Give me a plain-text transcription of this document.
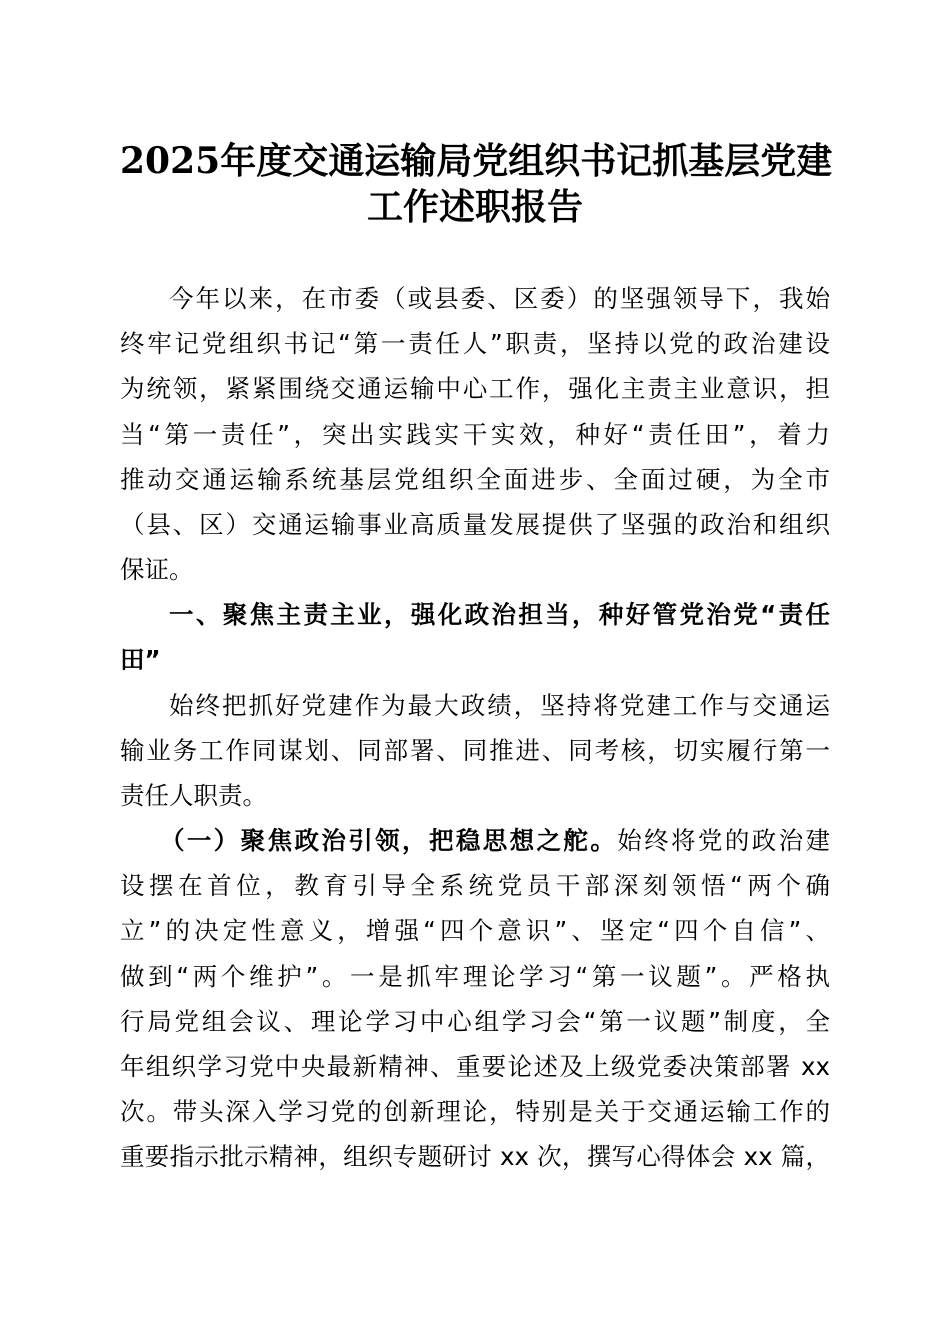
2025年度交通运输局党组织书记抓基层党建
工作述职报告
今年以来，在市委（或县委、区委）的坚强领导下，我始
终牢记党组织书记“第一责任人”职责，坚持以党的政治建设
为统领，紧紧围绕交通运输中心工作，强化主责主业意识，担
当“第一责任”，突出实践实干实效，种好“责任田”，着力
推动交通运输系统基层党组织全面进步、全面过硬，为全市
（县、区）交通运输事业高质量发展提供了坚强的政治和组织
保证。
一、聚焦主责主业，强化政治担当，种好管党治党“责任
田”
始终把抓好党建作为最大政绩，坚持将党建工作与交通运
输业务工作同谋划、同部署、同推进、同考核，切实履行第一
责任人职责。
（一）聚焦政治引领，把稳思想之舵。始终将党的政治建
设摆在首位，教育引导全系统党员干部深刻领悟“两个确
立”的决定性意义，增强“四个意识”、坚定“四个自信”、
做到“两个维护”。一是抓牢理论学习“第一议题”。严格执
行局党组会议、理论学习中心组学习会“第一议题”制度，全
年组织学习党中央最新精神、重要论述及上级党委决策部署 xx
次。带头深入学习党的创新理论，特别是关于交通运输工作的
重要指示批示精神，组织专题研讨 xx 次，撰写心得体会 xx 篇，
